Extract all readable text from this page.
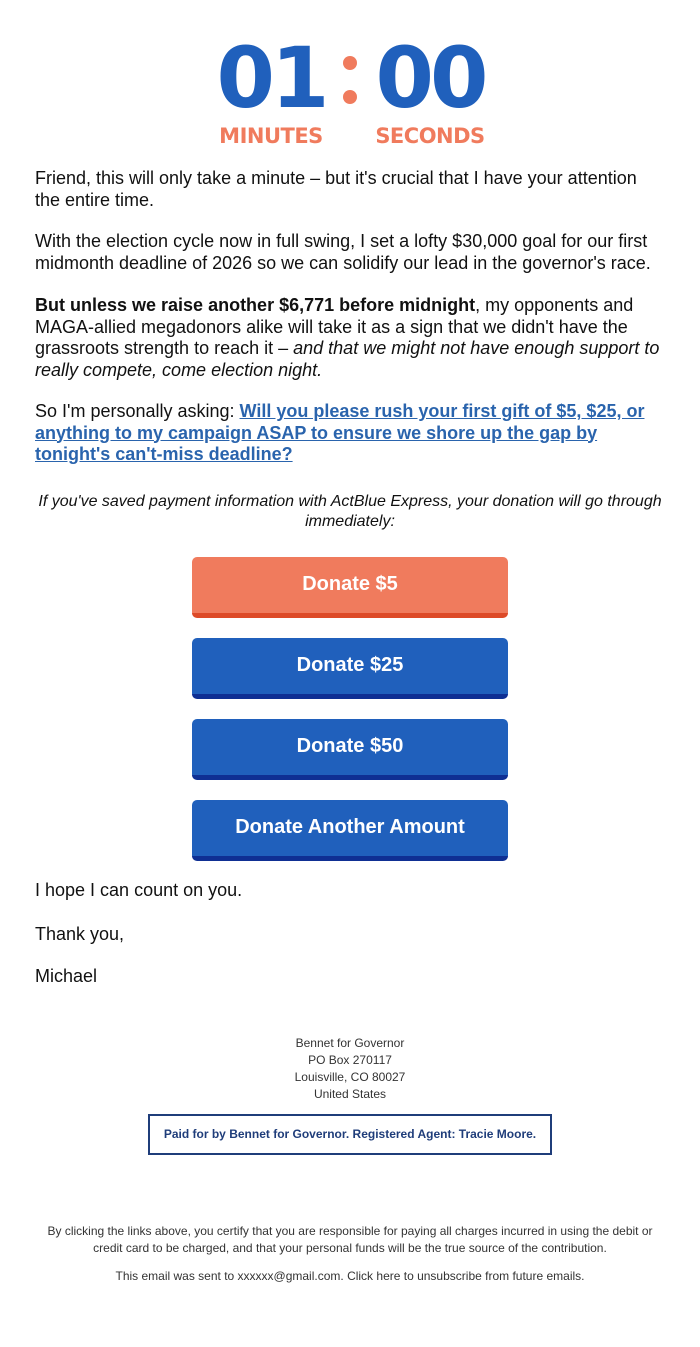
01
MINUTES
00
SECONDS

Friend, this will only take a minute – but it's crucial that I have your attention the entire time.

With the election cycle now in full swing, I set a lofty $30,000 goal for our first midmonth deadline of 2026 so we can solidify our lead in the governor's race.

But unless we raise another $6,771 before midnight, my opponents and MAGA-allied megadonors alike will take it as a sign that we didn't have the grassroots strength to reach it – and that we might not have enough support to really compete, come election night.

So I'm personally asking: Will you please rush your first gift of $5, $25, or anything to my campaign ASAP to ensure we shore up the gap by tonight's can't-miss deadline?

If you've saved payment information with ActBlue Express, your donation will go through immediately:
Donate $5
Donate $25
Donate $50
Donate Another Amount
I hope I can count on you.
Thank you,
Michael
Bennet for Governor
PO Box 270117
Louisville, CO 80027
United States
Paid for by Bennet for Governor. Registered Agent: Tracie Moore.
By clicking the links above, you certify that you are responsible for paying all charges incurred in using the debit or credit card to be charged, and that your personal funds will be the true source of the contribution.
This email was sent to xxxxxx@gmail.com. Click here to unsubscribe from future emails.
